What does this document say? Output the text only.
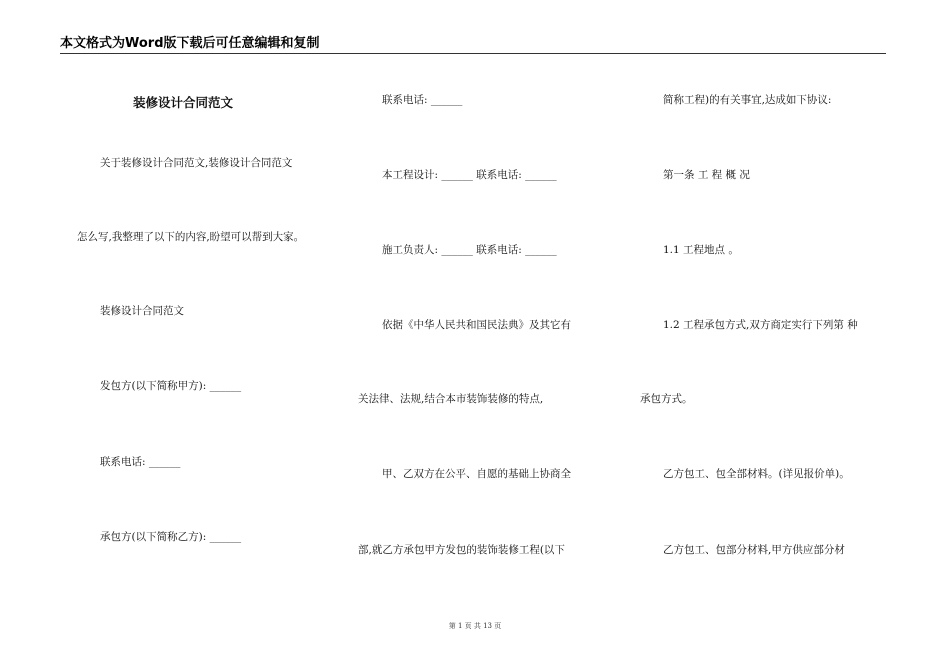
本文格式为Word版下载后可任意编辑和复制
装修设计合同范文
关于装修设计合同范文,装修设计合同范文
怎么写,我整理了以下的内容,盼望可以帮到大家。
装修设计合同范文
发包方(以下简称甲方): ______
联系电话: ______
承包方(以下简称乙方): ______
联系电话: ______
本工程设计: ______ 联系电话: ______
施工负责人: ______ 联系电话: ______
依据《中华人民共和国民法典》及其它有
关法律、法规,结合本市装饰装修的特点,
甲、乙双方在公平、自愿的基础上协商全
部,就乙方承包甲方发包的装饰装修工程(以下
简称工程)的有关事宜,达成如下协议:
第一条 工 程 概 况
1.1 工程地点 。
1.2 工程承包方式,双方商定实行下列第 种
承包方式。
乙方包工、包全部材料。(详见报价单)。
乙方包工、包部分材料,甲方供应部分材
第 1 页 共 13 页
